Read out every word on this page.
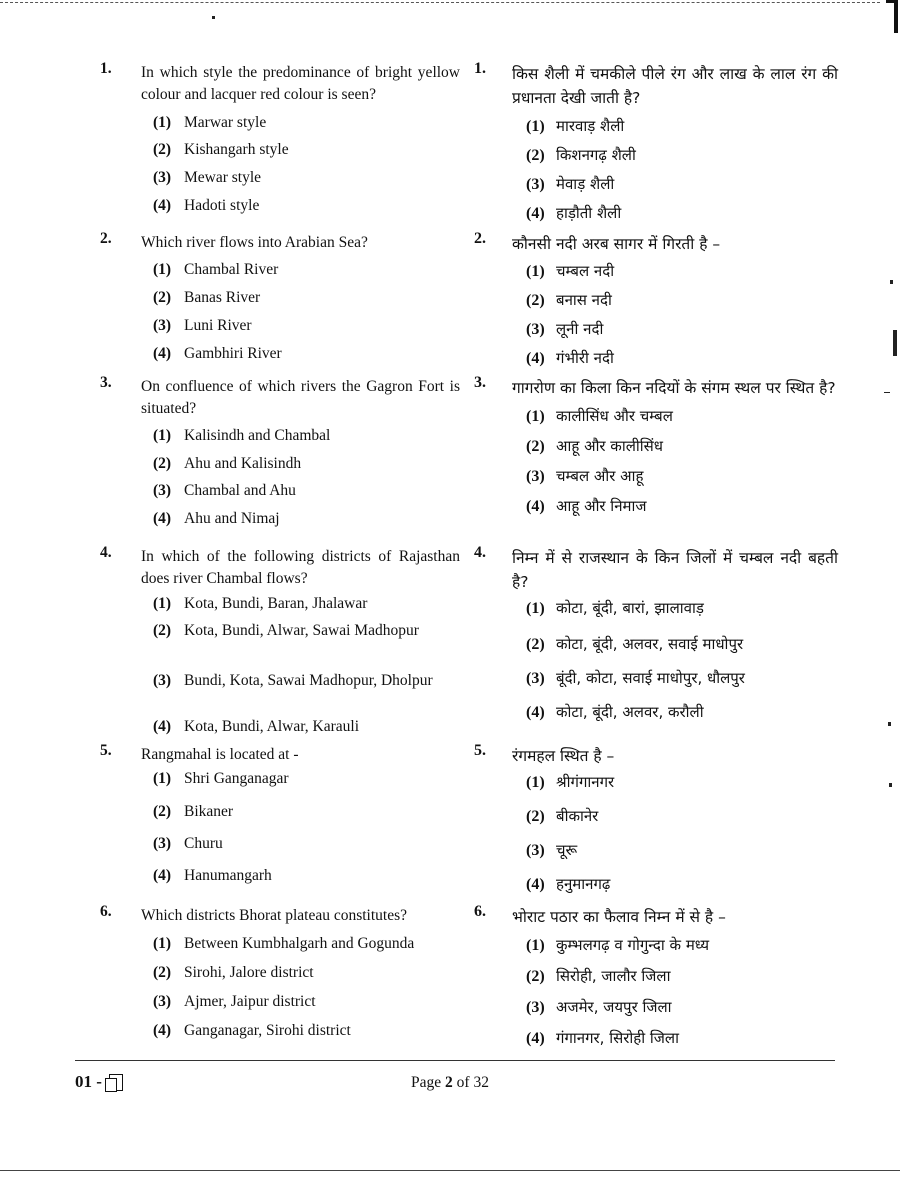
1.	In which style the predominance of bright yellow colour and lacquer red colour is seen?
(1) Marwar style
(2) Kishangarh style
(3) Mewar style
(4) Hadoti style
2.	Which river flows into Arabian Sea?
(1) Chambal River
(2) Banas River
(3) Luni River
(4) Gambhiri River
3.	On confluence of which rivers the Gagron Fort is situated?
(1) Kalisindh and Chambal
(2) Ahu and Kalisindh
(3) Chambal and Ahu
(4) Ahu and Nimaj
4.	In which of the following districts of Rajasthan does river Chambal flows?
(1) Kota, Bundi, Baran, Jhalawar
(2) Kota, Bundi, Alwar, Sawai Madhopur
(3) Bundi, Kota, Sawai Madhopur, Dholpur
(4) Kota, Bundi, Alwar, Karauli
5.	Rangmahal is located at -
(1) Shri Ganganagar
(2) Bikaner
(3) Churu
(4) Hanumangarh
6.	Which districts Bhorat plateau constitutes?
(1) Between Kumbhalgarh and Gogunda
(2) Sirohi, Jalore district
(3) Ajmer, Jaipur district
(4) Ganganagar, Sirohi district
1.	किस शैली में चमकीले पीले रंग और लाख के लाल रंग की प्रधानता देखी जाती है?
(1) मारवाड़ शैली
(2) किशनगढ़ शैली
(3) मेवाड़ शैली
(4) हाड़ौती शैली
2.	कौनसी नदी अरब सागर में गिरती है –
(1) चम्बल नदी
(2) बनास नदी
(3) लूनी नदी
(4) गंभीरी नदी
3.	गागरोण का किला किन नदियों के संगम स्थल पर स्थित है?
(1) कालीसिंध और चम्बल
(2) आहू और कालीसिंध
(3) चम्बल और आहू
(4) आहू और निमाज
4.	निम्न में से राजस्थान के किन जिलों में चम्बल नदी बहती है?
(1) कोटा, बूंदी, बारां, झालावाड़
(2) कोटा, बूंदी, अलवर, सवाई माधोपुर
(3) बूंदी, कोटा, सवाई माधोपुर, धौलपुर
(4) कोटा, बूंदी, अलवर, करौली
5.	रंगमहल स्थित है –
(1) श्रीगंगानगर
(2) बीकानेर
(3) चूरू
(4) हनुमानगढ़
6.	भोराट पठार का फैलाव निम्न में से है –
(1) कुम्भलगढ़ व गोगुन्दा के मध्य
(2) सिरोही, जालौर जिला
(3) अजमेर, जयपुर जिला
(4) गंगानगर, सिरोही जिला
01 -	Page 2 of 32
